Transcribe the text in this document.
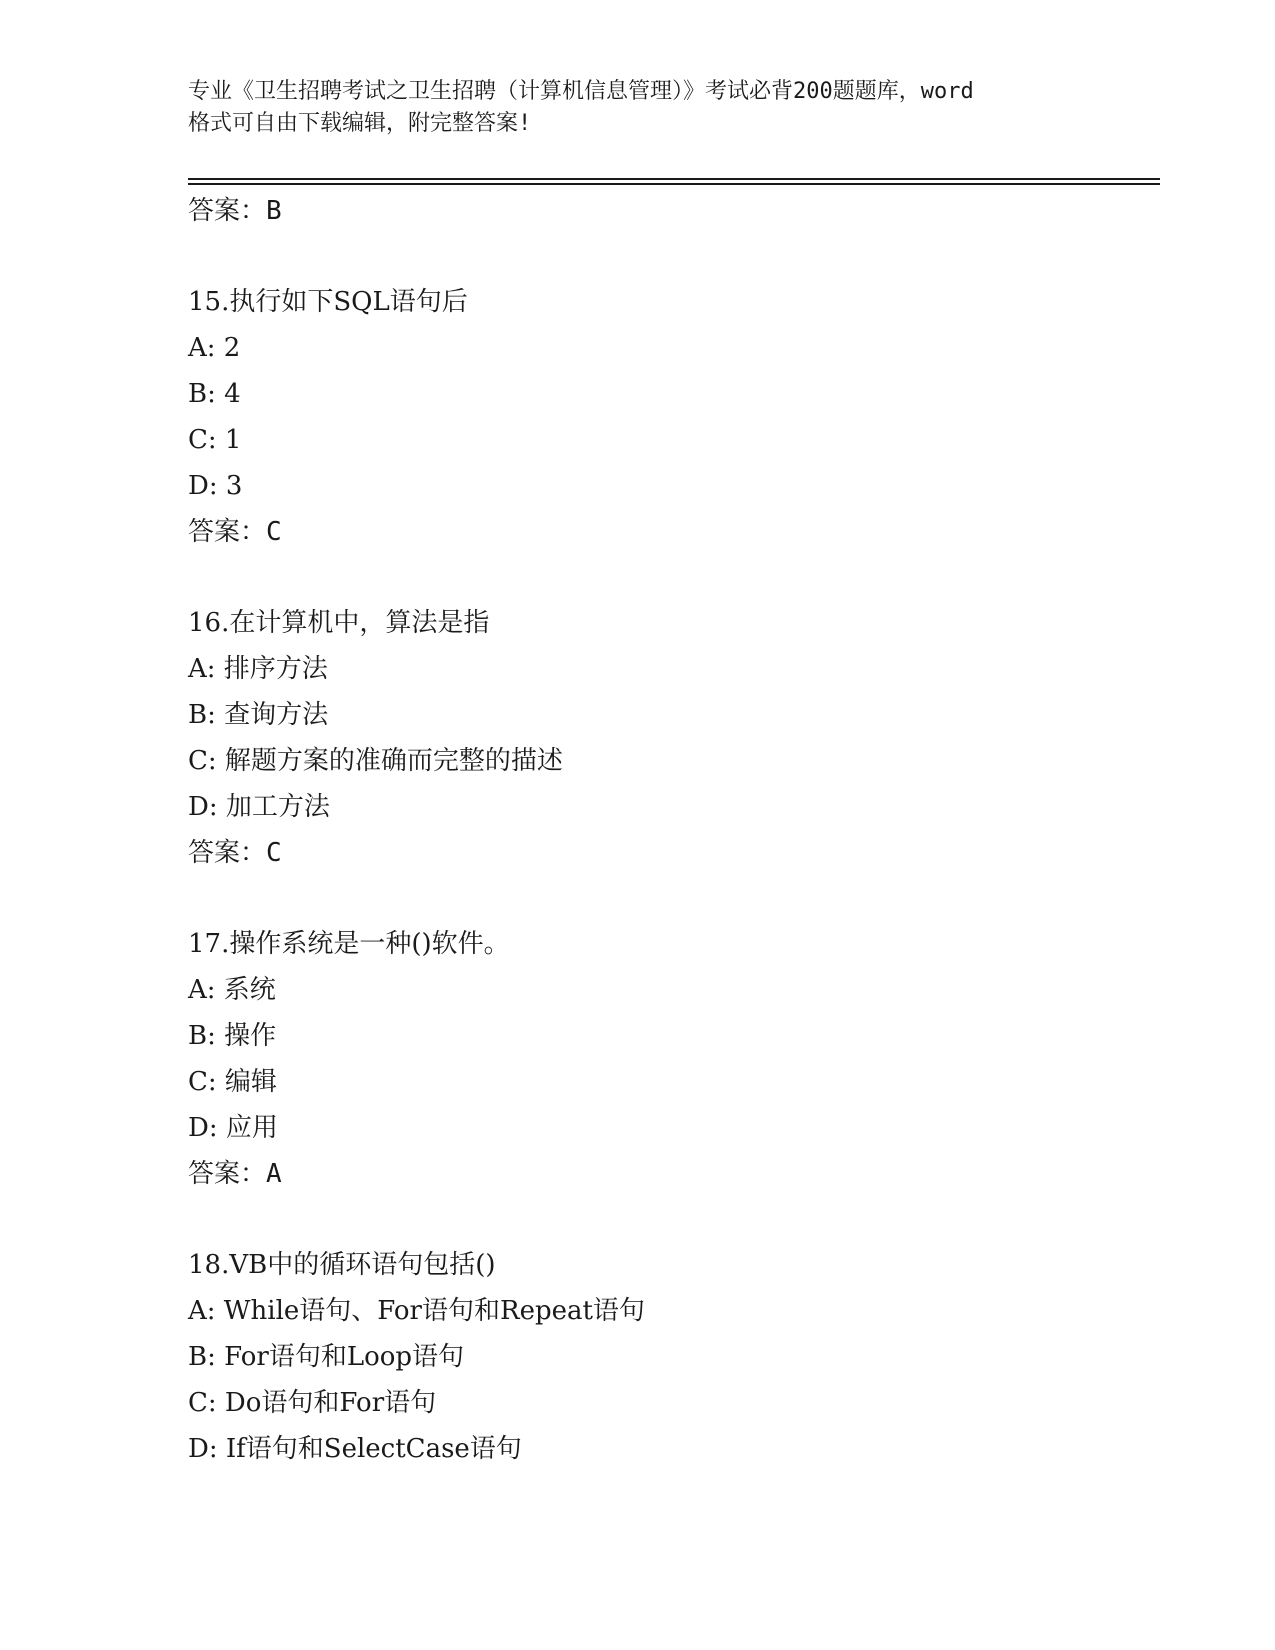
专业《卫生招聘考试之卫生招聘（计算机信息管理）》考试必背200题题库，word
格式可自由下载编辑，附完整答案!
答案：B
15.执行如下SQL语句后
A: 2
B: 4
C: 1
D: 3
答案：C
16.在计算机中，算法是指
A: 排序方法
B: 查询方法
C: 解题方案的准确而完整的描述
D: 加工方法
答案：C
17.操作系统是一种()软件。
A: 系统
B: 操作
C: 编辑
D: 应用
答案：A
18.VB中的循环语句包括()
A: While语句、For语句和Repeat语句
B: For语句和Loop语句
C: Do语句和For语句
D: If语句和SelectCase语句
